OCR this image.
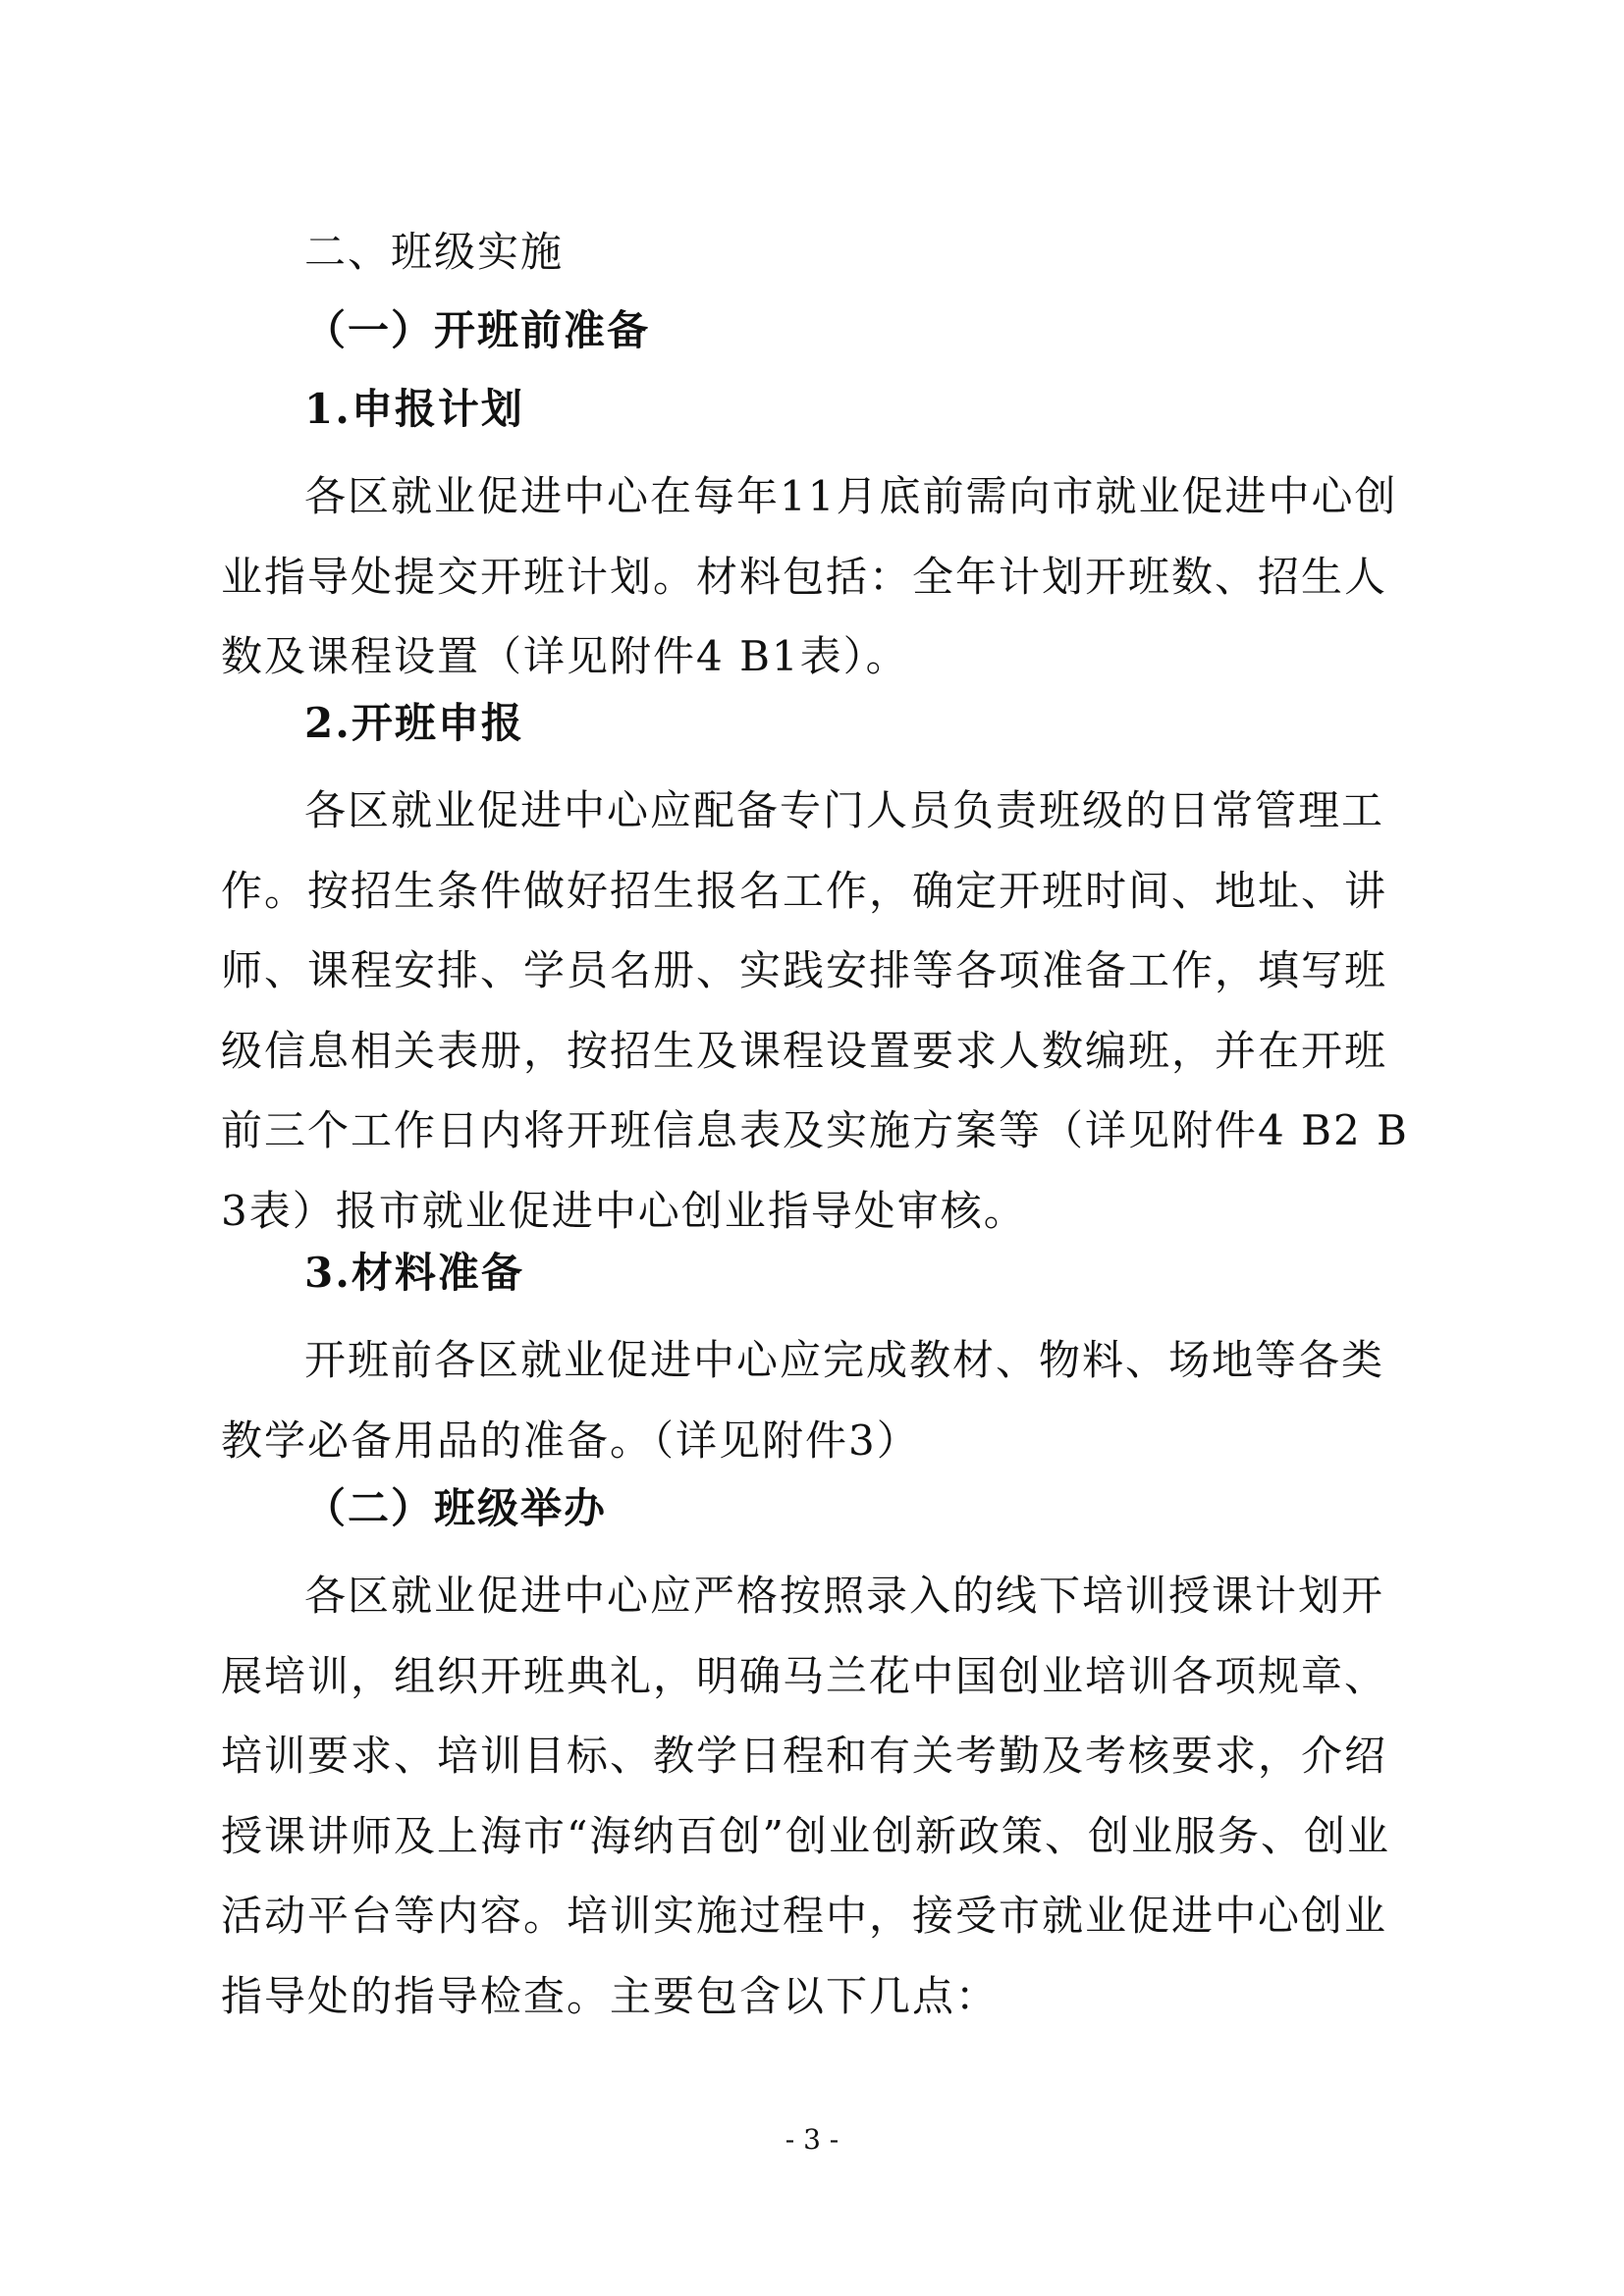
二、班级实施
（一）开班前准备
1.申报计划

各区就业促进中心在每年11月底前需向市就业促进中心创业指导处提交开班计划。材料包括：全年计划开班数、招生人数及课程设置（详见附件4 B1表）。

2.开班申报

各区就业促进中心应配备专门人员负责班级的日常管理工作。按招生条件做好招生报名工作，确定开班时间、地址、讲师、课程安排、学员名册、实践安排等各项准备工作，填写班级信息相关表册，按招生及课程设置要求人数编班，并在开班前三个工作日内将开班信息表及实施方案等（详见附件4 B2 B3表）报市就业促进中心创业指导处审核。

3.材料准备

开班前各区就业促进中心应完成教材、物料、场地等各类教学必备用品的准备。（详见附件3）

（二）班级举办

各区就业促进中心应严格按照录入的线下培训授课计划开展培训，组织开班典礼，明确马兰花中国创业培训各项规章、培训要求、培训目标、教学日程和有关考勤及考核要求，介绍授课讲师及上海市“海纳百创”创业创新政策、创业服务、创业活动平台等内容。培训实施过程中，接受市就业促进中心创业指导处的指导检查。主要包含以下几点：

- 3 -
